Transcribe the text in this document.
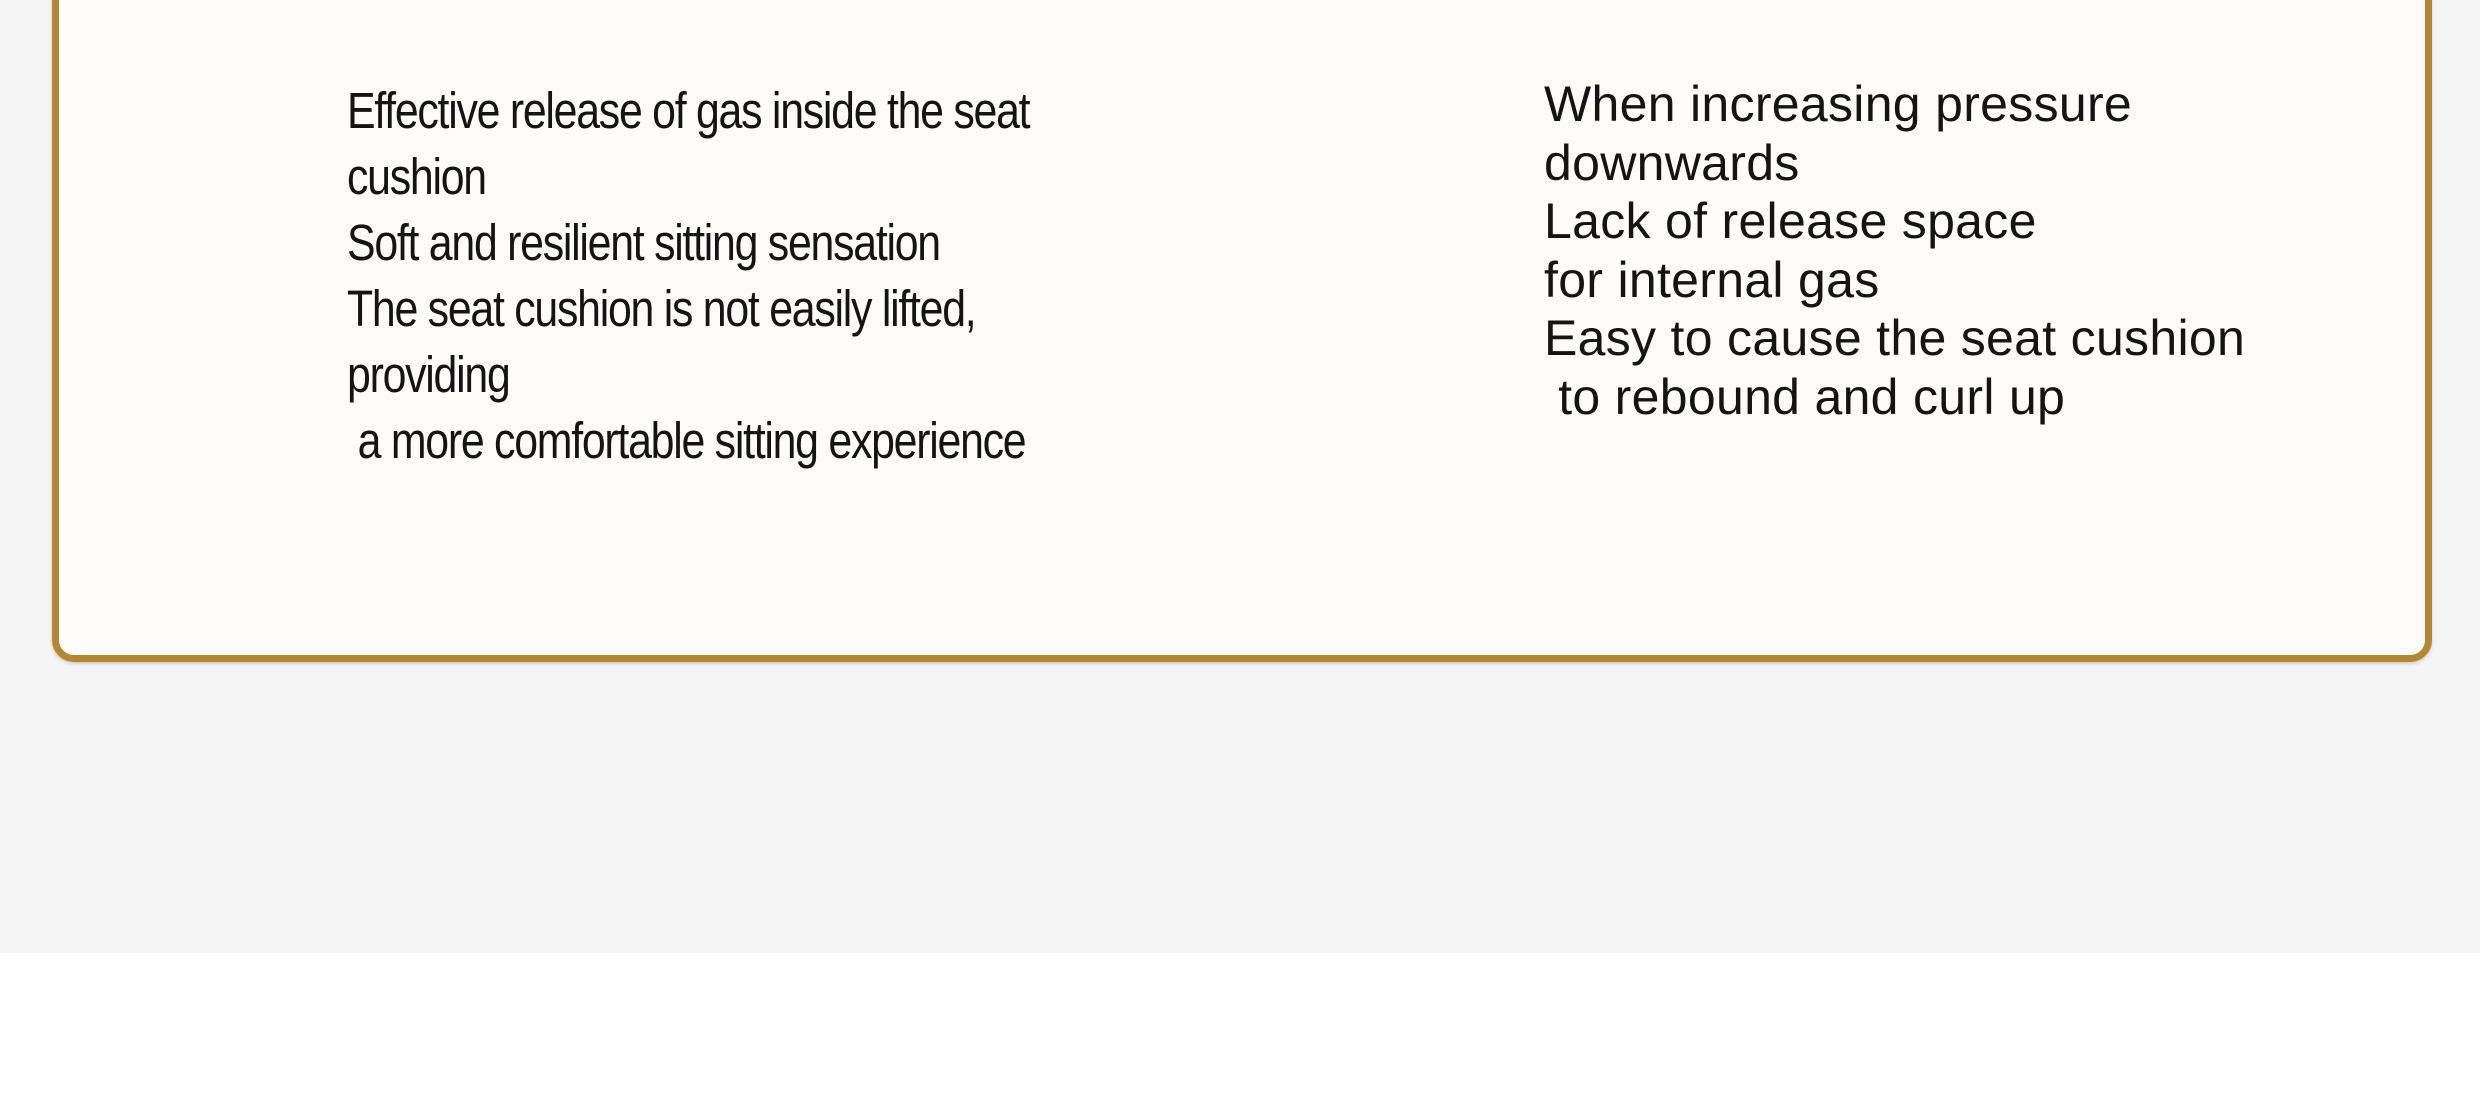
Effective release of gas inside the seat
cushion
Soft and resilient sitting sensation
The seat cushion is not easily lifted,
providing
a more comfortable sitting experience
When increasing pressure
downwards
Lack of release space
for internal gas
Easy to cause the seat cushion
to rebound and curl up
